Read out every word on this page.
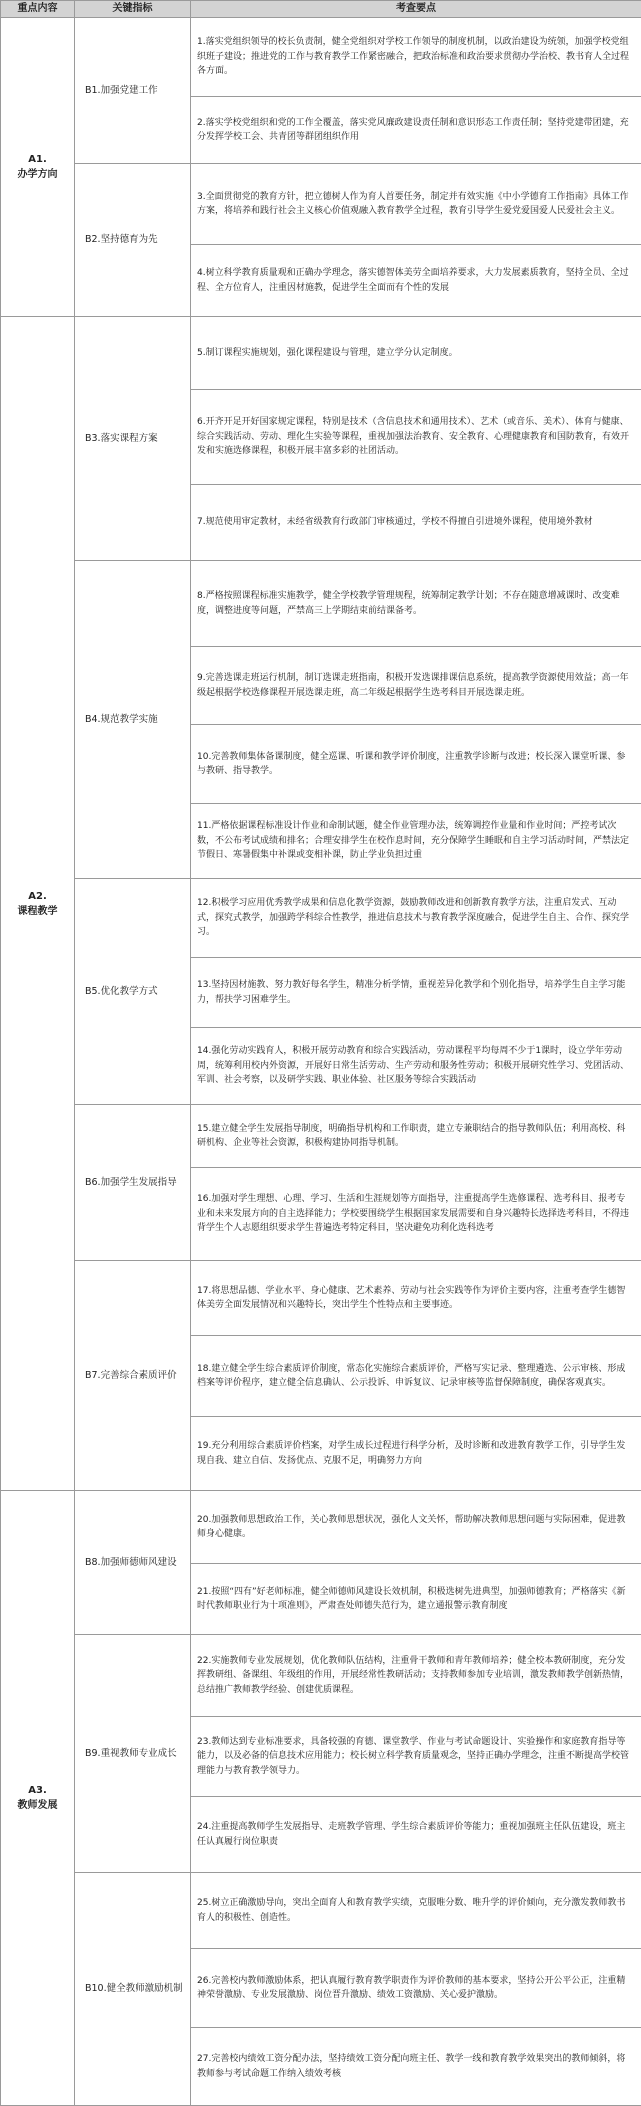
重点内容	关键指标	考查要点

A1.
办学方向	B1.加强党建工作	1.落实党组织领导的校长负责制，健全党组织对学校工作领导的制度机制，以政治建设为统领，加强学校党组织班子建设；推进党的工作与教育教学工作紧密融合，把政治标准和政治要求贯彻办学治校、教书育人全过程各方面。
		2.落实学校党组织和党的工作全覆盖，落实党风廉政建设责任制和意识形态工作责任制；坚持党建带团建，充分发挥学校工会、共青团等群团组织作用
	B2.坚持德育为先	3.全面贯彻党的教育方针，把立德树人作为育人首要任务，制定并有效实施《中小学德育工作指南》具体工作方案，将培养和践行社会主义核心价值观融入教育教学全过程，教育引导学生爱党爱国爱人民爱社会主义。
		4.树立科学教育质量观和正确办学理念，落实德智体美劳全面培养要求，大力发展素质教育，坚持全员、全过程、全方位育人，注重因材施教，促进学生全面而有个性的发展

A2.
课程教学	B3.落实课程方案	5.制订课程实施规划，强化课程建设与管理，建立学分认定制度。
		6.开齐开足开好国家规定课程，特别是技术（含信息技术和通用技术）、艺术（或音乐、美术）、体育与健康、综合实践活动、劳动、理化生实验等课程，重视加强法治教育、安全教育、心理健康教育和国防教育，有效开发和实施选修课程，积极开展丰富多彩的社团活动。
		7.规范使用审定教材，未经省级教育行政部门审核通过，学校不得擅自引进境外课程，使用境外教材
	B4.规范教学实施	8.严格按照课程标准实施教学，健全学校教学管理规程，统筹制定教学计划；不存在随意增减课时、改变难度，调整进度等问题，严禁高三上学期结束前结课备考。
		9.完善选课走班运行机制，制订选课走班指南，积极开发选课排课信息系统，提高教学资源使用效益；高一年级起根据学校选修课程开展选课走班，高二年级起根据学生选考科目开展选课走班。
		10.完善教师集体备课制度，健全巡课、听课和教学评价制度，注重教学诊断与改进；校长深入课堂听课、参与教研、指导教学。
		11.严格依据课程标准设计作业和命制试题，健全作业管理办法，统筹调控作业量和作业时间；严控考试次数，不公布考试成绩和排名；合理安排学生在校作息时间，充分保障学生睡眠和自主学习活动时间，严禁法定节假日、寒暑假集中补课或变相补课，防止学业负担过重
	B5.优化教学方式	12.积极学习应用优秀教学成果和信息化教学资源，鼓励教师改进和创新教育教学方法，注重启发式、互动式，探究式教学，加强跨学科综合性教学，推进信息技术与教育教学深度融合，促进学生自主、合作、探究学习。
		13.坚持因材施教、努力教好每名学生，精准分析学情，重视差异化教学和个别化指导，培养学生自主学习能力，帮扶学习困难学生。
		14.强化劳动实践育人，积极开展劳动教育和综合实践活动，劳动课程平均每周不少于1课时，设立学年劳动周，统筹利用校内外资源，开展好日常生活劳动、生产劳动和服务性劳动；积极开展研究性学习、党团活动、军训、社会考察，以及研学实践、职业体验、社区服务等综合实践活动
	B6.加强学生发展指导	15.建立健全学生发展指导制度，明确指导机构和工作职责，建立专兼职结合的指导教师队伍；利用高校、科研机构、企业等社会资源，积极构建协同指导机制。
		16.加强对学生理想、心理、学习、生活和生涯规划等方面指导，注重提高学生选修课程、选考科目、报考专业和未来发展方向的自主选择能力；学校要围绕学生根据国家发展需要和自身兴趣特长选择选考科目，不得违背学生个人志愿组织要求学生普遍选考特定科目，坚决避免功利化选科选考
	B7.完善综合素质评价	17.将思想品德、学业水平、身心健康、艺术素养、劳动与社会实践等作为评价主要内容，注重考查学生德智体美劳全面发展情况和兴趣特长，突出学生个性特点和主要事迹。
		18.建立健全学生综合素质评价制度，常态化实施综合素质评价，严格写实记录、整理遴选、公示审核、形成档案等评价程序，建立健全信息确认、公示投诉、申诉复议、记录审核等监督保障制度，确保客观真实。
		19.充分利用综合素质评价档案，对学生成长过程进行科学分析，及时诊断和改进教育教学工作，引导学生发现自我、建立自信、发扬优点、克服不足，明确努力方向

A3.
教师发展	B8.加强师德师风建设	20.加强教师思想政治工作，关心教师思想状况，强化人文关怀，帮助解决教师思想问题与实际困难，促进教师身心健康。
		21.按照“四有”好老师标准，健全师德师风建设长效机制，积极选树先进典型，加强师德教育；严格落实《新时代教师职业行为十项准则》，严肃查处师德失范行为，建立通报警示教育制度
	B9.重视教师专业成长	22.实施教师专业发展规划，优化教师队伍结构，注重骨干教师和青年教师培养；健全校本教研制度，充分发挥教研组、备课组、年级组的作用，开展经常性教研活动；支持教师参加专业培训，激发教师教学创新热情，总结推广教师教学经验、创建优质课程。
		23.教师达到专业标准要求，具备较强的育德、课堂教学、作业与考试命题设计、实验操作和家庭教育指导等能力，以及必备的信息技术应用能力；校长树立科学教育质量观念，坚持正确办学理念，注重不断提高学校管理能力与教育教学领导力。
		24.注重提高教师学生发展指导、走班教学管理、学生综合素质评价等能力；重视加强班主任队伍建设，班主任认真履行岗位职责
	B10.健全教师激励机制	25.树立正确激励导向，突出全面育人和教育教学实绩，克服唯分数、唯升学的评价倾向，充分激发教师教书育人的积极性、创造性。
		26.完善校内教师激励体系，把认真履行教育教学职责作为评价教师的基本要求，坚持公开公平公正，注重精神荣誉激励、专业发展激励、岗位晋升激励、绩效工资激励、关心爱护激励。
		27.完善校内绩效工资分配办法，坚持绩效工资分配向班主任、教学一线和教育教学效果突出的教师倾斜，将教师参与考试命题工作纳入绩效考核
